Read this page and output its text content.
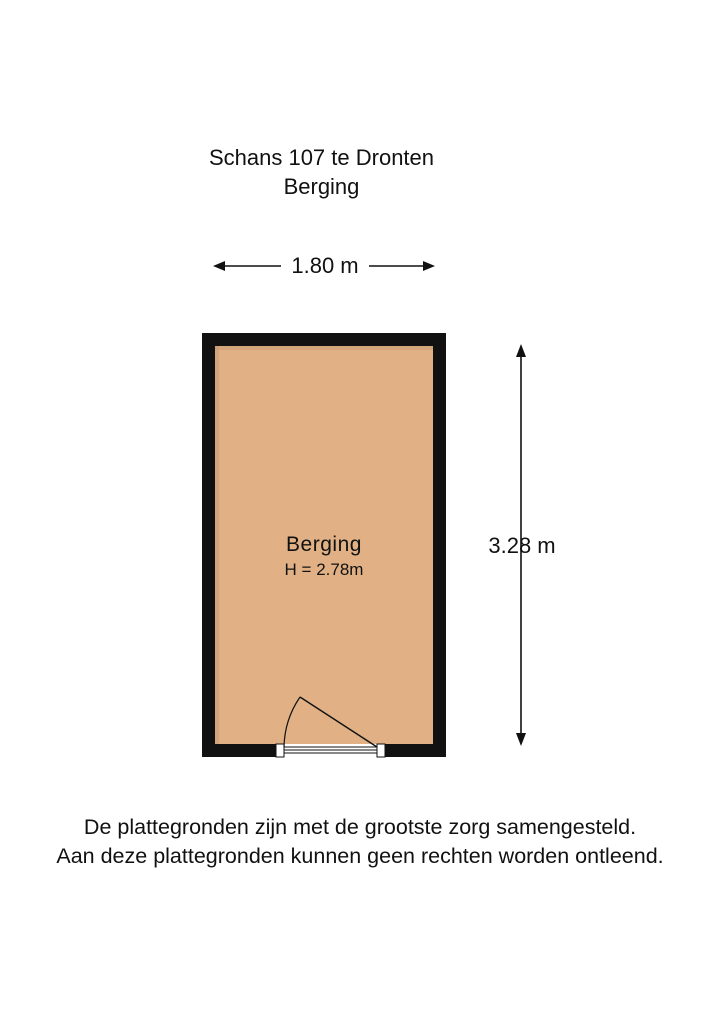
Schans 107 te Dronten
Berging
1.80 m
3.28 m
Berging
H = 2.78m
De plattegronden zijn met de grootste zorg samengesteld.
Aan deze plattegronden kunnen geen rechten worden ontleend.
